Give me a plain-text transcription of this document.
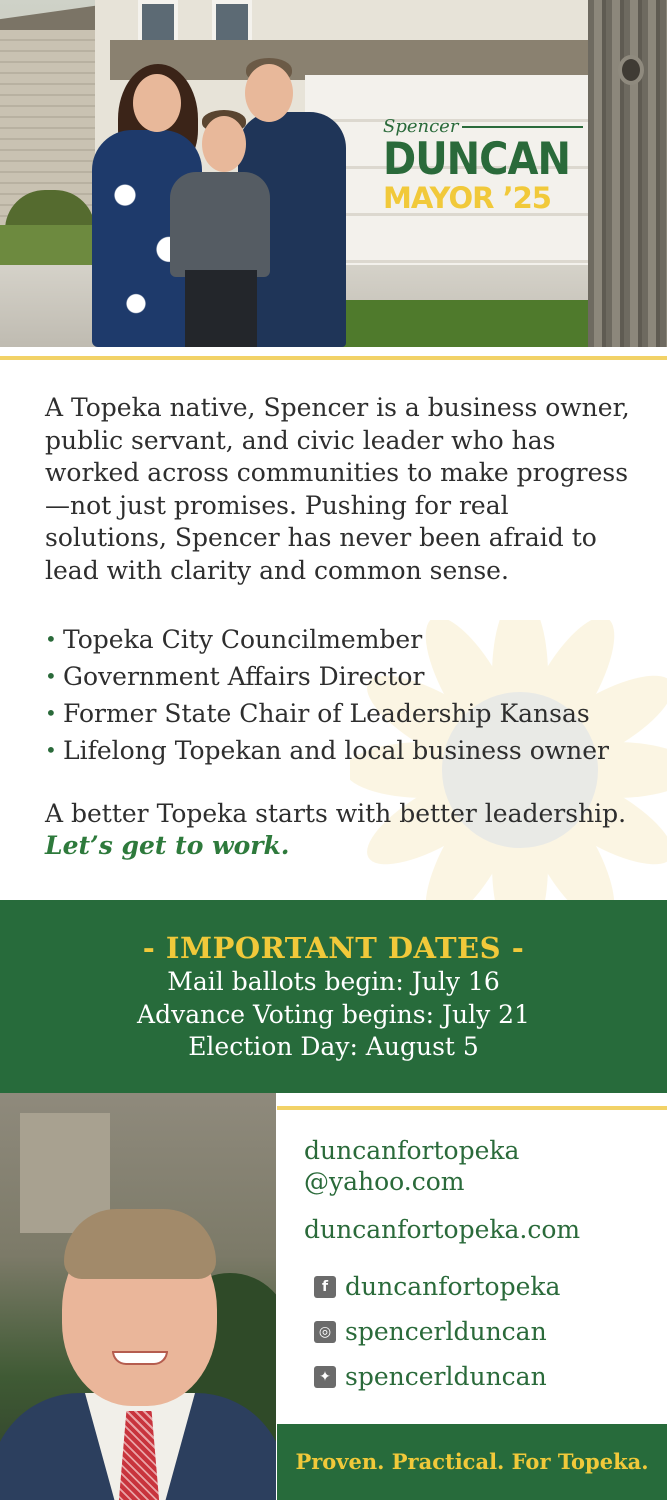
Spencer
DUNCAN
MAYOR ’25

A Topeka native, Spencer is a business owner, public servant, and civic leader who has worked across communities to make progress—not just promises. Pushing for real solutions, Spencer has never been afraid to lead with clarity and common sense.

• Topeka City Councilmember
• Government Affairs Director
• Former State Chair of Leadership Kansas
• Lifelong Topekan and local business owner

A better Topeka starts with better leadership. Let’s get to work.

- IMPORTANT DATES -
Mail ballots begin: July 16
Advance Voting begins: July 21
Election Day: August 5
duncanfortopeka
@yahoo.com
duncanfortopeka.com
f duncanfortopeka
◎ spencerlduncan
✦ spencerlduncan
Proven. Practical. For Topeka.
